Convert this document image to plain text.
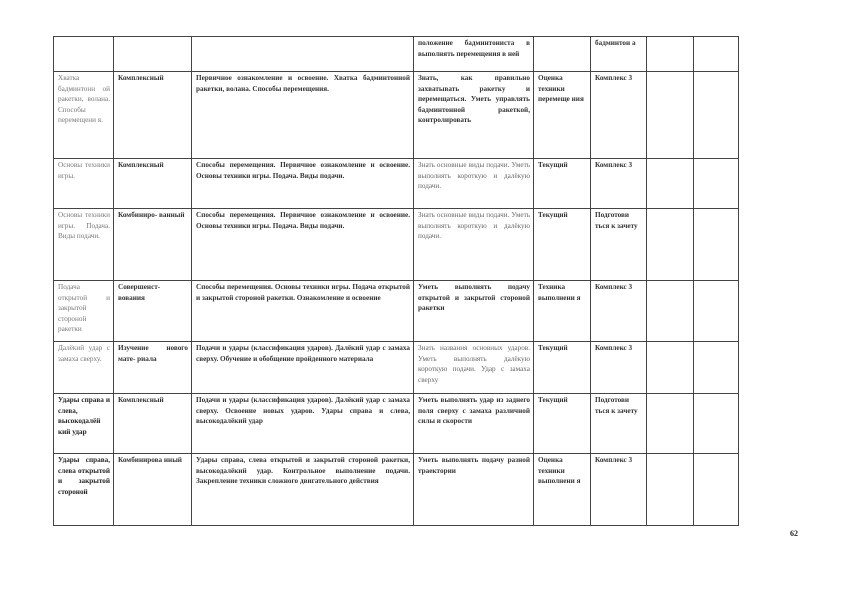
			положение бадминтониста в выполнять перемещения в ней		бадминтон а		
Хватка бадминтонн ой ракетки, волана. Способы перемещени я.	Комплексный	Первичное ознакомление и освоение. Хватка бадминтонной ракетки, волана. Способы перемещения.	Знать, как правильно захватывать ракетку и перемещаться. Уметь управлять бадминтонной ракеткой, контролировать	Оценка техники перемеще ния	Комплекс 3		
Основы техники игры.	Комплексный	Способы перемещения. Первичное ознакомление и освоение. Основы техники игры. Подача. Виды подачи.	Знать основные виды подачи. Уметь выполнять короткую и далёкую подачи.	Текущий	Комплекс 3		
Основы техники игры. Подача. Виды подачи.	Комбиниро- ванный	Способы перемещения. Первичное ознакомление и освоение. Основы техники игры. Подача. Виды подачи.	Знать основные виды подачи. Уметь выполнять короткую и далёкую подачи.	Текущий	Подготови ться к зачету		
Подача открытой и закрытой стороной ракетки	Совершенст- вования	Способы перемещения. Основы техники игры. Подача открытой и закрытой стороной ракетки. Ознакомление и освоение	Уметь выполнять подачу открытой и закрытой стороной ракетки	Техника выполнени я	Комплекс 3		
Далёкий удар с замаха сверху.	Изучение нового мате- риала	Подачи и удары (классификация ударов). Далёкий удар с замаха сверху. Обучение и обобщение пройденного материала	Знать названия основных ударов. Уметь выполнять далёкую короткую подачи. Удар с замаха сверху	Текущий	Комплекс 3		
Удары справа и слева, высокодалёй кий удар	Комплексный	Подачи и удары (классификация ударов). Далёкий удар с замаха сверху. Освоение новых ударов. Удары справа и слева, высокодалёкий удар	Уметь выполнять удар из заднего поля сверху с замаха различной силы и скорости	Текущий	Подготови ться к зачету		
Удары справа, слева открытой и закрытой стороной	Комбинирова нный	Удары справа, слева открытой и закрытой стороной ракетки, высокодалёкий удар. Контрольное выполнение подачи. Закрепление техники сложного двигательного действия	Уметь выполнять подачу разной траектории	Оценка техники выполнени я	Комплекс 3		
62
